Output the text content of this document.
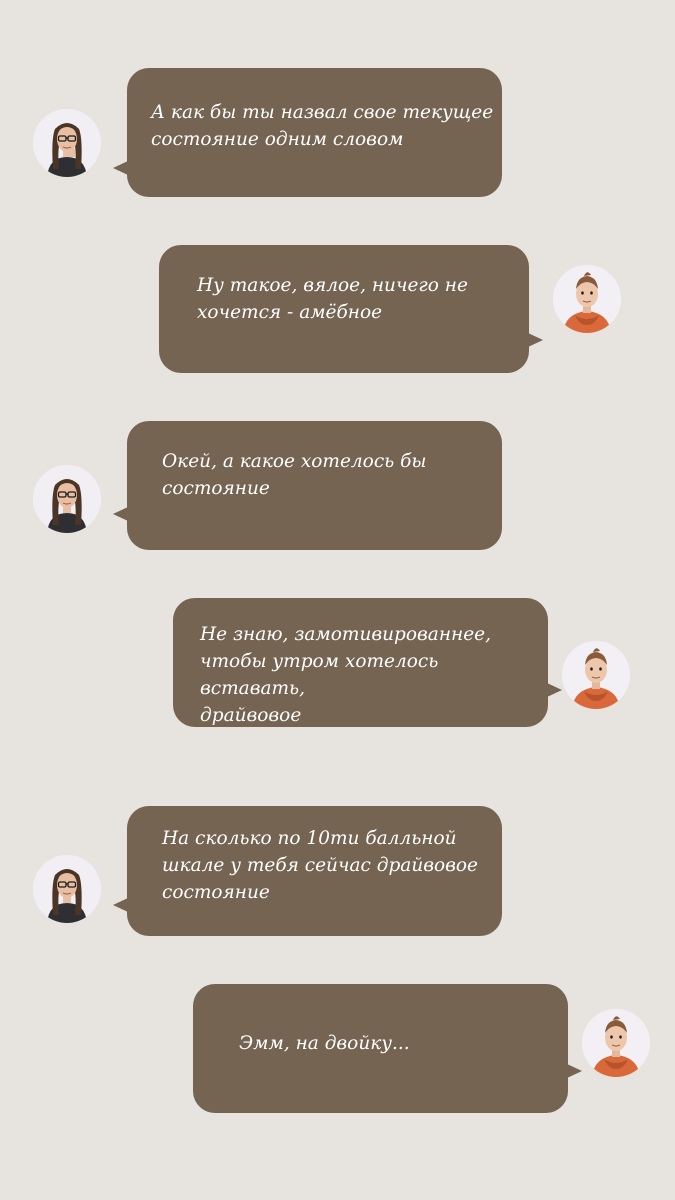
А как бы ты назвал свое текущее
состояние одним словом
Ну такое, вялое, ничего не
хочется - амёбное
Окей, а какое хотелось бы
состояние
Не знаю, замотивированнее,
чтобы утром хотелось вставать,
драйвовое
На сколько по 10ти балльной
шкале у тебя сейчас драйвовое
состояние
Эмм, на двойку...
